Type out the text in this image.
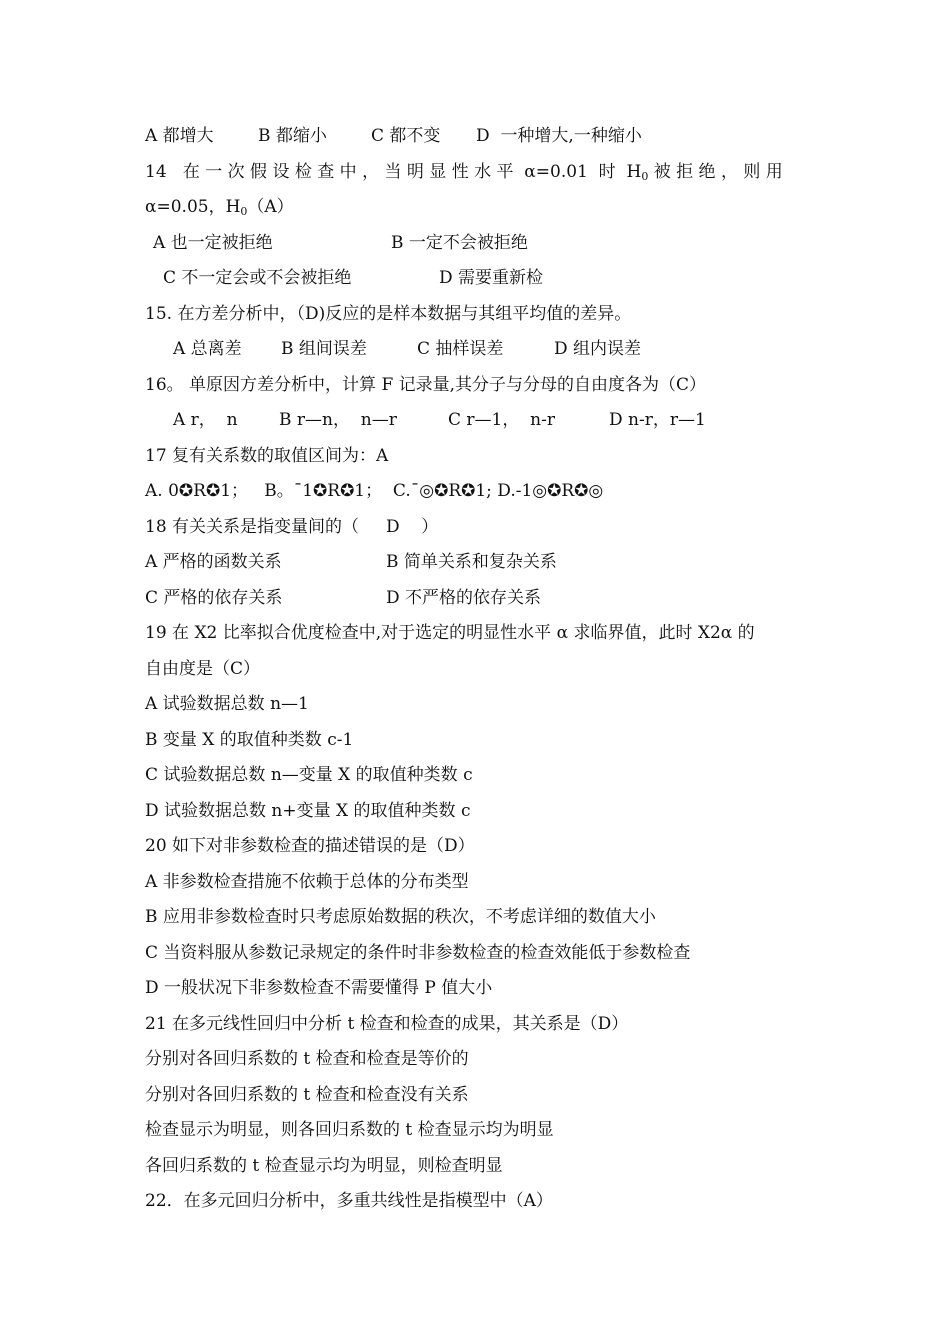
A 都增大	B 都缩小	C 都不变	D  一种增大,一种缩小
14   在 一 次 假 设 检 查 中 ， 当 明 显 性 水 平  α=0.01  时  $H_0$ 被 拒 绝 ， 则 用
α=0.05，$H_0(A)$
A 也一定被拒绝	B 一定不会被拒绝
C 不一定会或不会被拒绝	D 需要重新检
15. 在方差分析中，（D)反应的是样本数据与其组平均值的差异。
A 总离差	B 组间误差	C 抽样误差	D 组内误差
16。 单原因方差分析中，计算 F 记录量,其分子与分母的自由度各为（C）
A r，  n	B r—n，  n—r	C r—1，  n-r	D n-r，r—1
17 复有关系数的取值区间为：A
A. 0✪R✪1；   B。ˉ1✪R✪1；  C.ˉ◎✪R✪1; D.-1◎✪R✪◎
18 有关关系是指变量间的（     D    ）
A 严格的函数关系	B 简单关系和复杂关系
C 严格的依存关系	D 不严格的依存关系
19 在 X2 比率拟合优度检查中,对于选定的明显性水平 α 求临界值，此时 X2α 的
自由度是（C）
A 试验数据总数 n—1
B 变量 X 的取值种类数 c-1
C 试验数据总数 n—变量 X 的取值种类数 c
D 试验数据总数 n+变量 X 的取值种类数 c
20 如下对非参数检查的描述错误的是（D）
A 非参数检查措施不依赖于总体的分布类型
B 应用非参数检查时只考虑原始数据的秩次，不考虑详细的数值大小
C 当资料服从参数记录规定的条件时非参数检查的检查效能低于参数检查
D 一般状况下非参数检查不需要懂得 P 值大小
21 在多元线性回归中分析 t 检查和检查的成果，其关系是（D）
分别对各回归系数的 t 检查和检查是等价的
分别对各回归系数的 t 检查和检查没有关系
检查显示为明显，则各回归系数的 t 检查显示均为明显
各回归系数的 t 检查显示均为明显，则检查明显
22．在多元回归分析中，多重共线性是指模型中（A）
